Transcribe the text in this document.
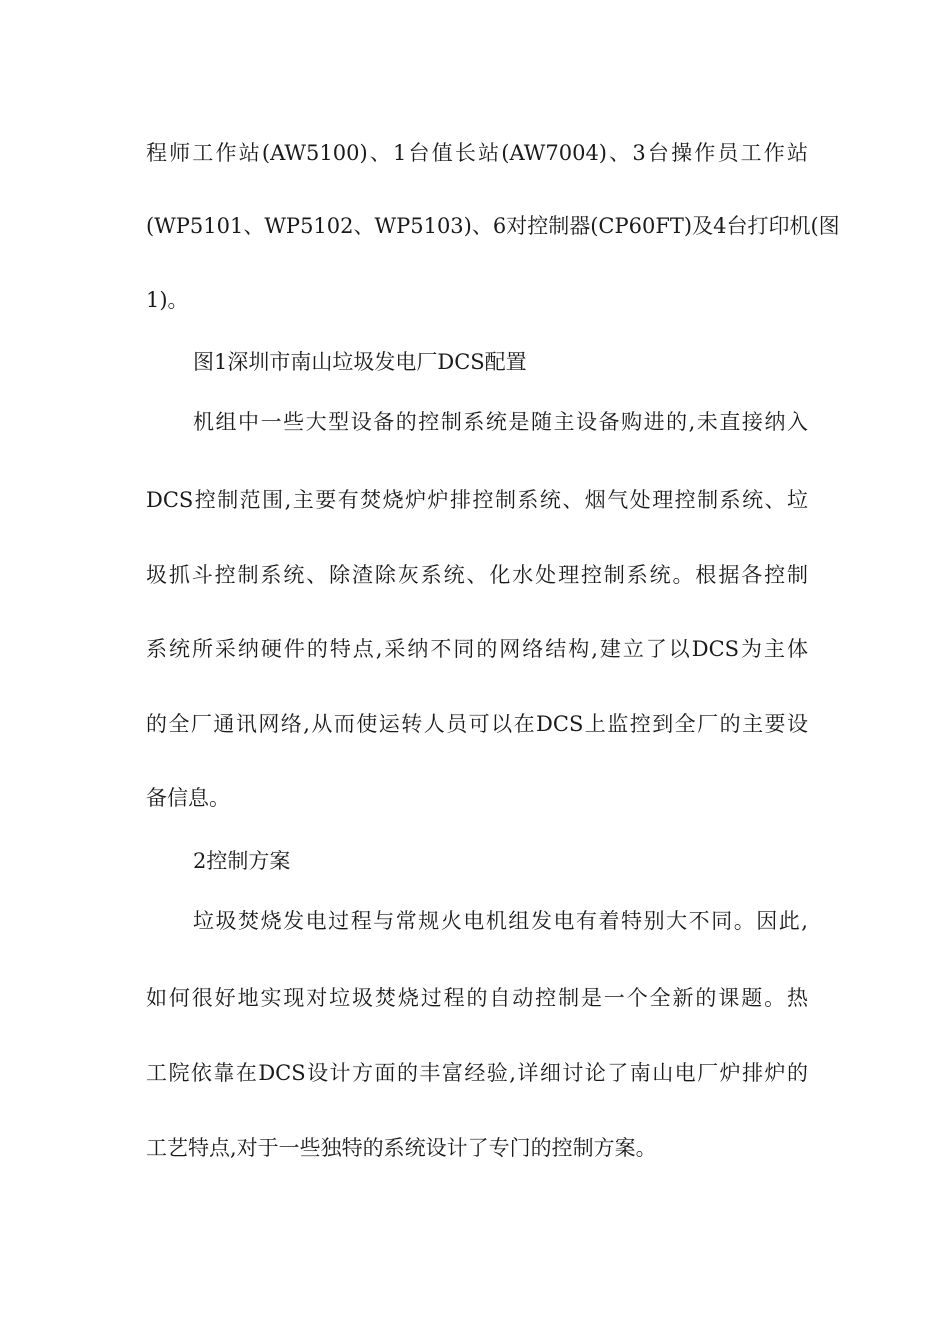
程师工作站(AW5100)、1台值长站(AW7004)、3台操作员工作站
(WP5101、WP5102、WP5103)、6对控制器(CP60FT)及4台打印机(图
1)。
图1深圳市南山垃圾发电厂DCS配置
机组中一些大型设备的控制系统是随主设备购进的,未直接纳入
DCS控制范围,主要有焚烧炉炉排控制系统、烟气处理控制系统、垃
圾抓斗控制系统、除渣除灰系统、化水处理控制系统。根据各控制
系统所采纳硬件的特点,采纳不同的网络结构,建立了以DCS为主体
的全厂通讯网络,从而使运转人员可以在DCS上监控到全厂的主要设
备信息。
2控制方案
垃圾焚烧发电过程与常规火电机组发电有着特别大不同。因此,
如何很好地实现对垃圾焚烧过程的自动控制是一个全新的课题。热
工院依靠在DCS设计方面的丰富经验,详细讨论了南山电厂炉排炉的
工艺特点,对于一些独特的系统设计了专门的控制方案。
